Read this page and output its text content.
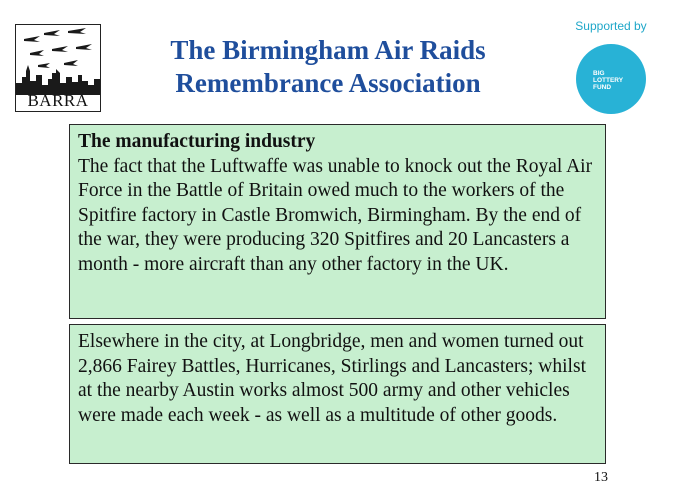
BARRA
The Birmingham Air Raids
Remembrance Association
Supported by
BIG LOTTERY FUND
The manufacturing industry
The fact that the Luftwaffe was unable to knock out the Royal Air Force in the Battle of Britain owed much to the workers of the Spitfire factory in Castle Bromwich, Birmingham. By the end of the war, they were producing 320 Spitfires and 20 Lancasters a month - more aircraft than any other factory in the UK.
Elsewhere in the city, at Longbridge, men and women turned out 2,866 Fairey Battles, Hurricanes, Stirlings and Lancasters; whilst at the nearby Austin works almost 500 army and other vehicles were made each week - as well as a multitude of other goods.
13
